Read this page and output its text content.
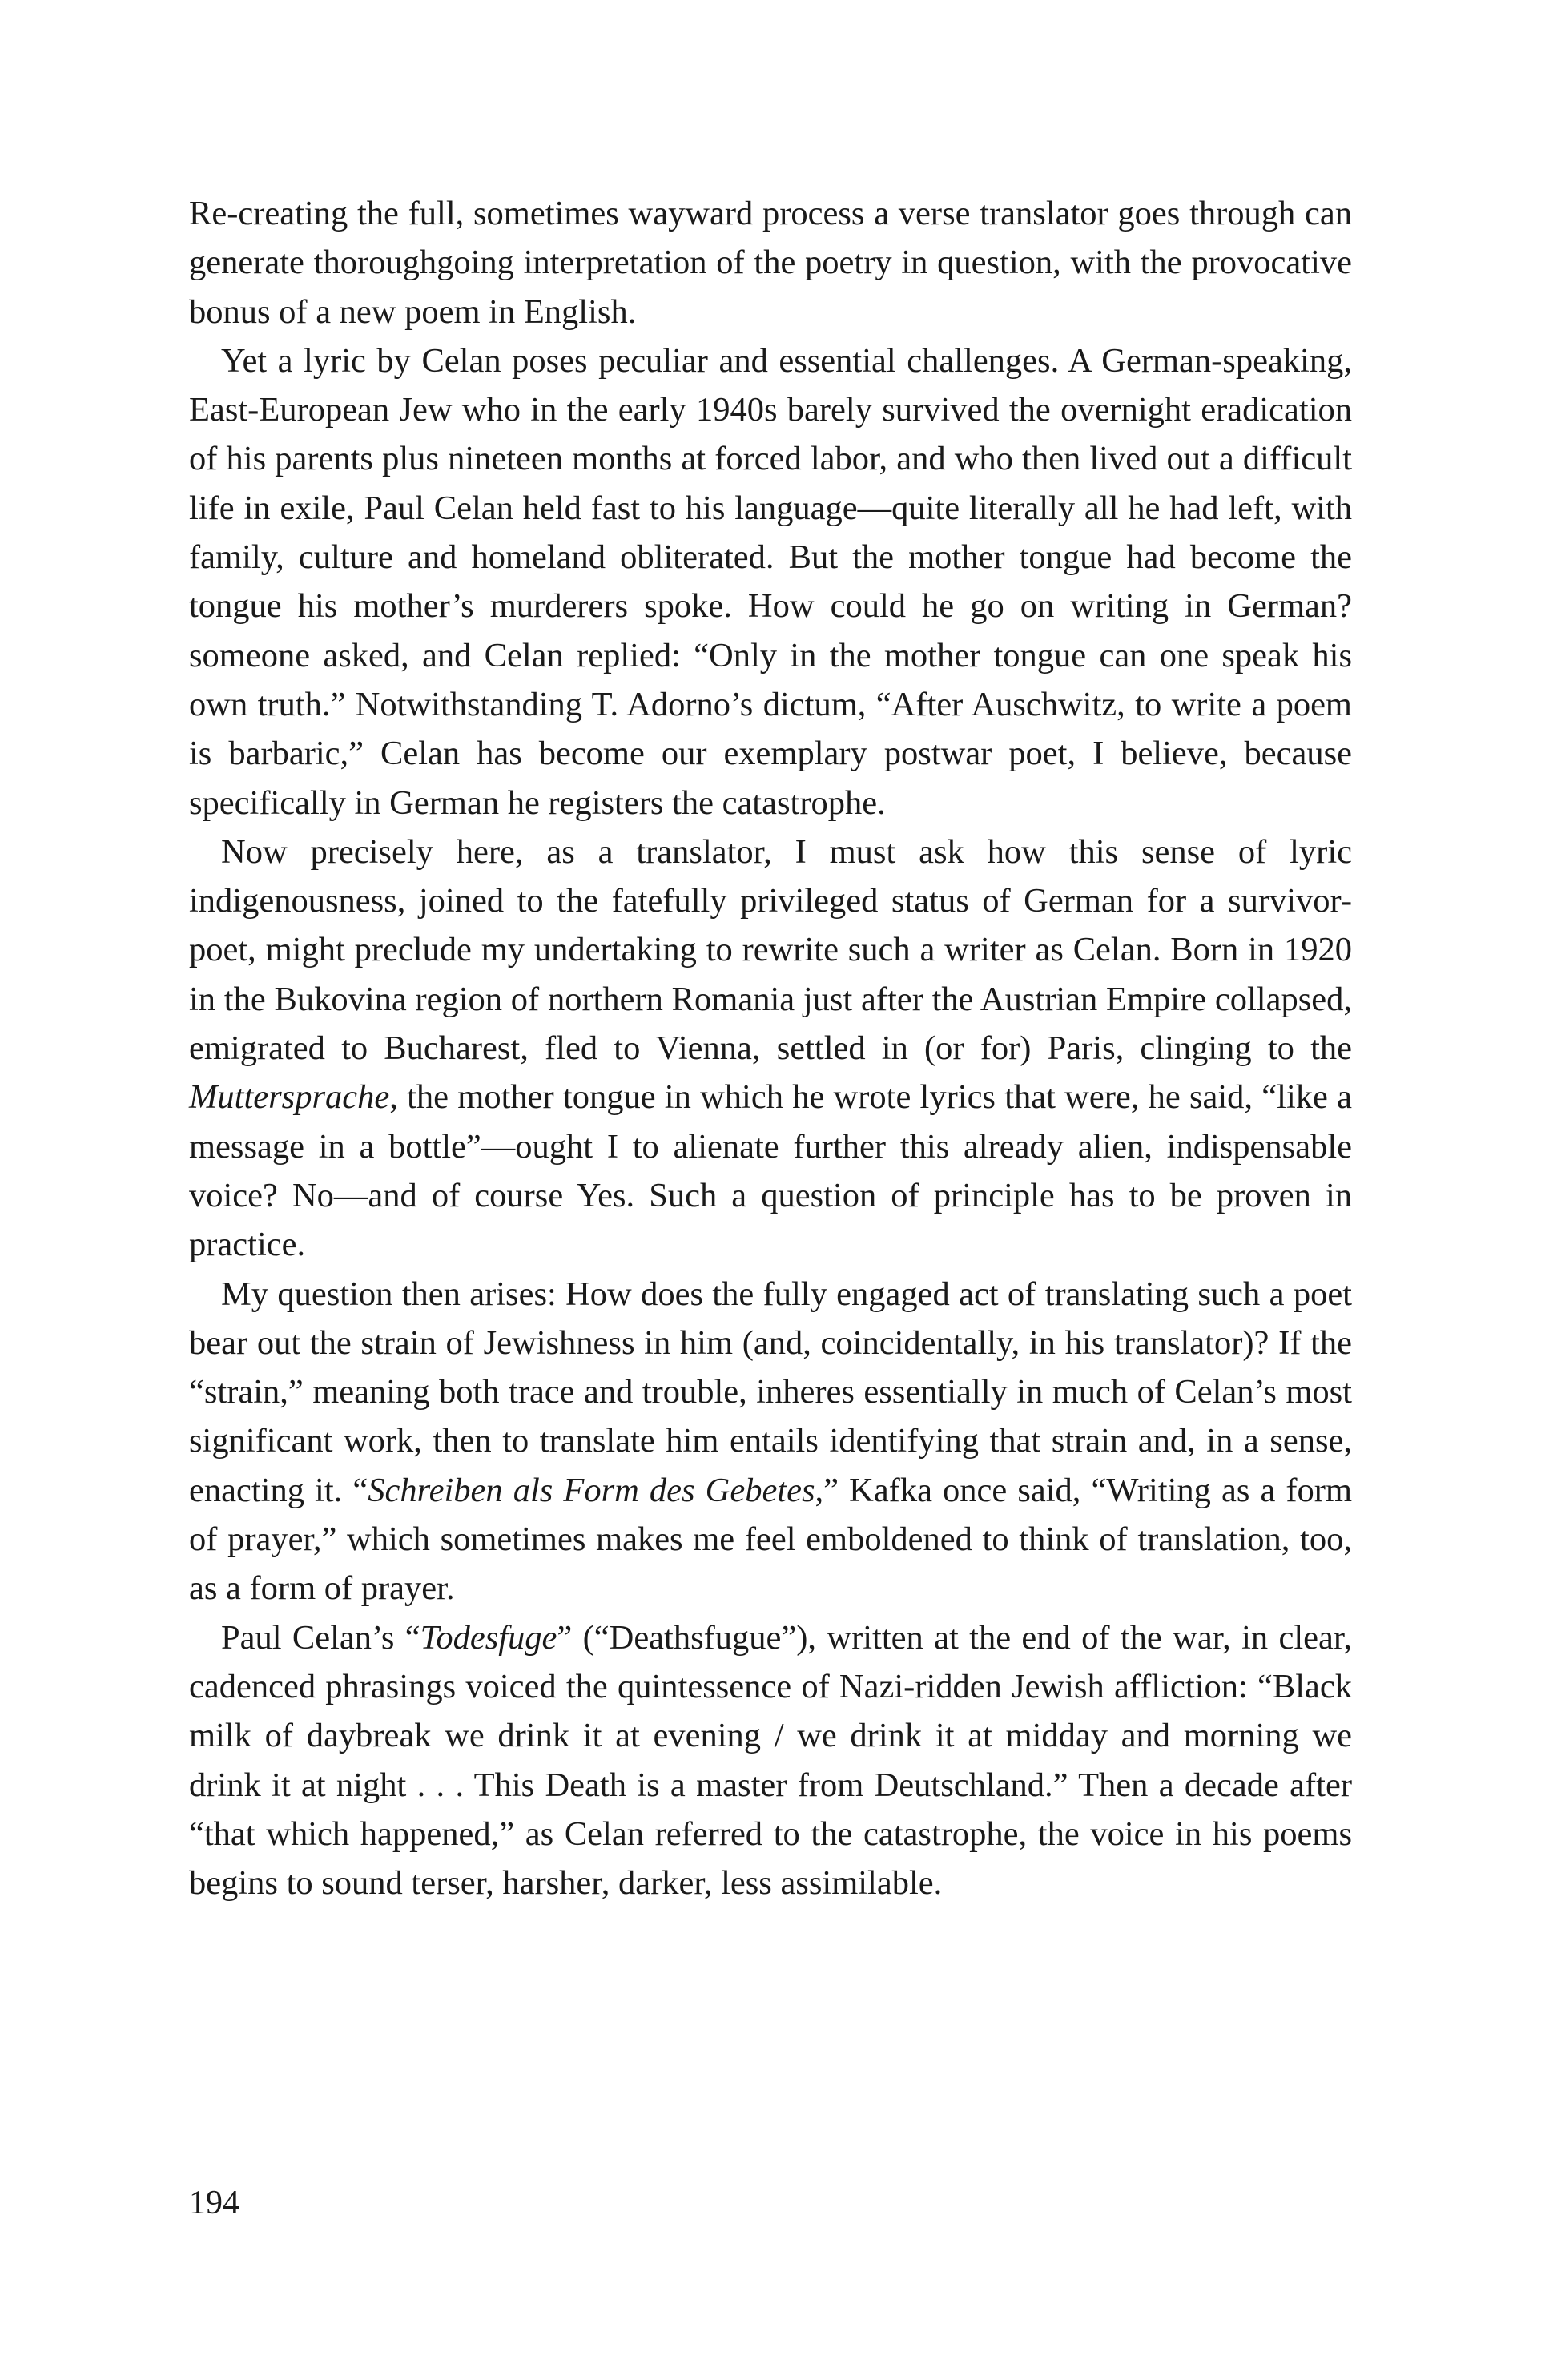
Re-creating the full, sometimes wayward process a verse translator goes through can generate thoroughgoing interpretation of the poetry in question, with the provocative bonus of a new poem in English.

Yet a lyric by Celan poses peculiar and essential challenges. A German-speaking, East-European Jew who in the early 1940s barely survived the overnight eradication of his parents plus nineteen months at forced labor, and who then lived out a difficult life in exile, Paul Celan held fast to his language—quite literally all he had left, with family, culture and homeland obliterated. But the mother tongue had become the tongue his mother’s murderers spoke. How could he go on writing in German? someone asked, and Celan replied: “Only in the mother tongue can one speak his own truth.” Notwithstanding T. Adorno’s dictum, “After Auschwitz, to write a poem is barbaric,” Celan has become our exemplary postwar poet, I believe, because specifically in German he registers the catastrophe.

Now precisely here, as a translator, I must ask how this sense of lyric indigenousness, joined to the fatefully privileged status of German for a survivor-poet, might preclude my undertaking to rewrite such a writer as Celan. Born in 1920 in the Bukovina region of northern Romania just after the Austrian Empire collapsed, emigrated to Bucharest, fled to Vienna, settled in (or for) Paris, clinging to the Muttersprache, the mother tongue in which he wrote lyrics that were, he said, “like a message in a bottle”—ought I to alienate further this already alien, indispensable voice? No—and of course Yes. Such a question of principle has to be proven in practice.

My question then arises: How does the fully engaged act of translating such a poet bear out the strain of Jewishness in him (and, coincidentally, in his translator)? If the “strain,” meaning both trace and trouble, inheres essentially in much of Celan’s most significant work, then to translate him entails identifying that strain and, in a sense, enacting it. “Schreiben als Form des Gebetes,” Kafka once said, “Writing as a form of prayer,” which sometimes makes me feel emboldened to think of translation, too, as a form of prayer.

Paul Celan’s “Todesfuge” (“Deathsfugue”), written at the end of the war, in clear, cadenced phrasings voiced the quintessence of Nazi-ridden Jewish affliction: “Black milk of daybreak we drink it at evening / we drink it at midday and morning we drink it at night . . . This Death is a master from Deutschland.” Then a decade after “that which happened,” as Celan referred to the catastrophe, the voice in his poems begins to sound terser, harsher, darker, less assimilable.

194
